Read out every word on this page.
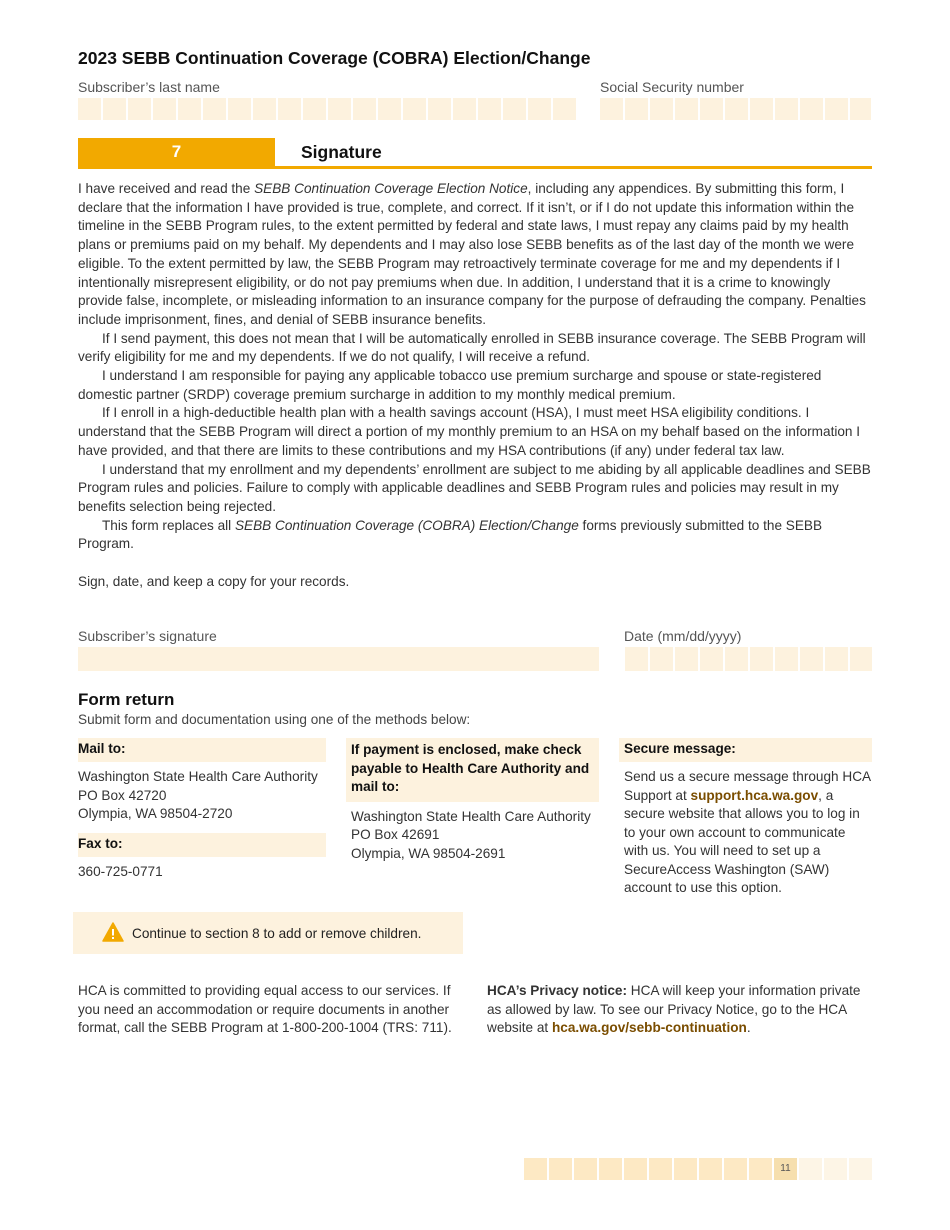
2023 SEBB Continuation Coverage (COBRA) Election/Change
Subscriber’s last name	Social Security number
7	Signature

I have received and read the SEBB Continuation Coverage Election Notice, including any appendices. By submitting this form, I declare that the information I have provided is true, complete, and correct. If it isn’t, or if I do not update this information within the timeline in the SEBB Program rules, to the extent permitted by federal and state laws, I must repay any claims paid by my health plans or premiums paid on my behalf. My dependents and I may also lose SEBB benefits as of the last day of the month we were eligible. To the extent permitted by law, the SEBB Program may retroactively terminate coverage for me and my dependents if I intentionally misrepresent eligibility, or do not pay premiums when due. In addition, I understand that it is a crime to knowingly provide false, incomplete, or misleading information to an insurance company for the purpose of defrauding the company. Penalties include imprisonment, fines, and denial of SEBB insurance benefits.

If I send payment, this does not mean that I will be automatically enrolled in SEBB insurance coverage. The SEBB Program will verify eligibility for me and my dependents. If we do not qualify, I will receive a refund.

I understand I am responsible for paying any applicable tobacco use premium surcharge and spouse or state-registered domestic partner (SRDP) coverage premium surcharge in addition to my monthly medical premium.

If I enroll in a high-deductible health plan with a health savings account (HSA), I must meet HSA eligibility conditions. I understand that the SEBB Program will direct a portion of my monthly premium to an HSA on my behalf based on the information I have provided, and that there are limits to these contributions and my HSA contributions (if any) under federal tax law.

I understand that my enrollment and my dependents’ enrollment are subject to me abiding by all applicable deadlines and SEBB Program rules and policies. Failure to comply with applicable deadlines and SEBB Program rules and policies may result in my benefits selection being rejected.

This form replaces all SEBB Continuation Coverage (COBRA) Election/Change forms previously submitted to the SEBB Program.

Sign, date, and keep a copy for your records.

Subscriber’s signature	Date (mm/dd/yyyy)
Form return
Submit form and documentation using one of the methods below:
Mail to:
Washington State Health Care Authority
PO Box 42720
Olympia, WA 98504-2720
Fax to:
360-725-0771
If payment is enclosed, make check payable to Health Care Authority and mail to:
Washington State Health Care Authority
PO Box 42691
Olympia, WA 98504-2691
Secure message:
Send us a secure message through HCA Support at support.hca.wa.gov, a secure website that allows you to log in to your own account to communicate with us. You will need to set up a SecureAccess Washington (SAW) account to use this option.
Continue to section 8 to add or remove children.
HCA is committed to providing equal access to our services. If you need an accommodation or require documents in another format, call the SEBB Program at 1-800-200-1004 (TRS: 711).
HCA’s Privacy notice: HCA will keep your information private as allowed by law. To see our Privacy Notice, go to the HCA website at hca.wa.gov/sebb-continuation.
11
